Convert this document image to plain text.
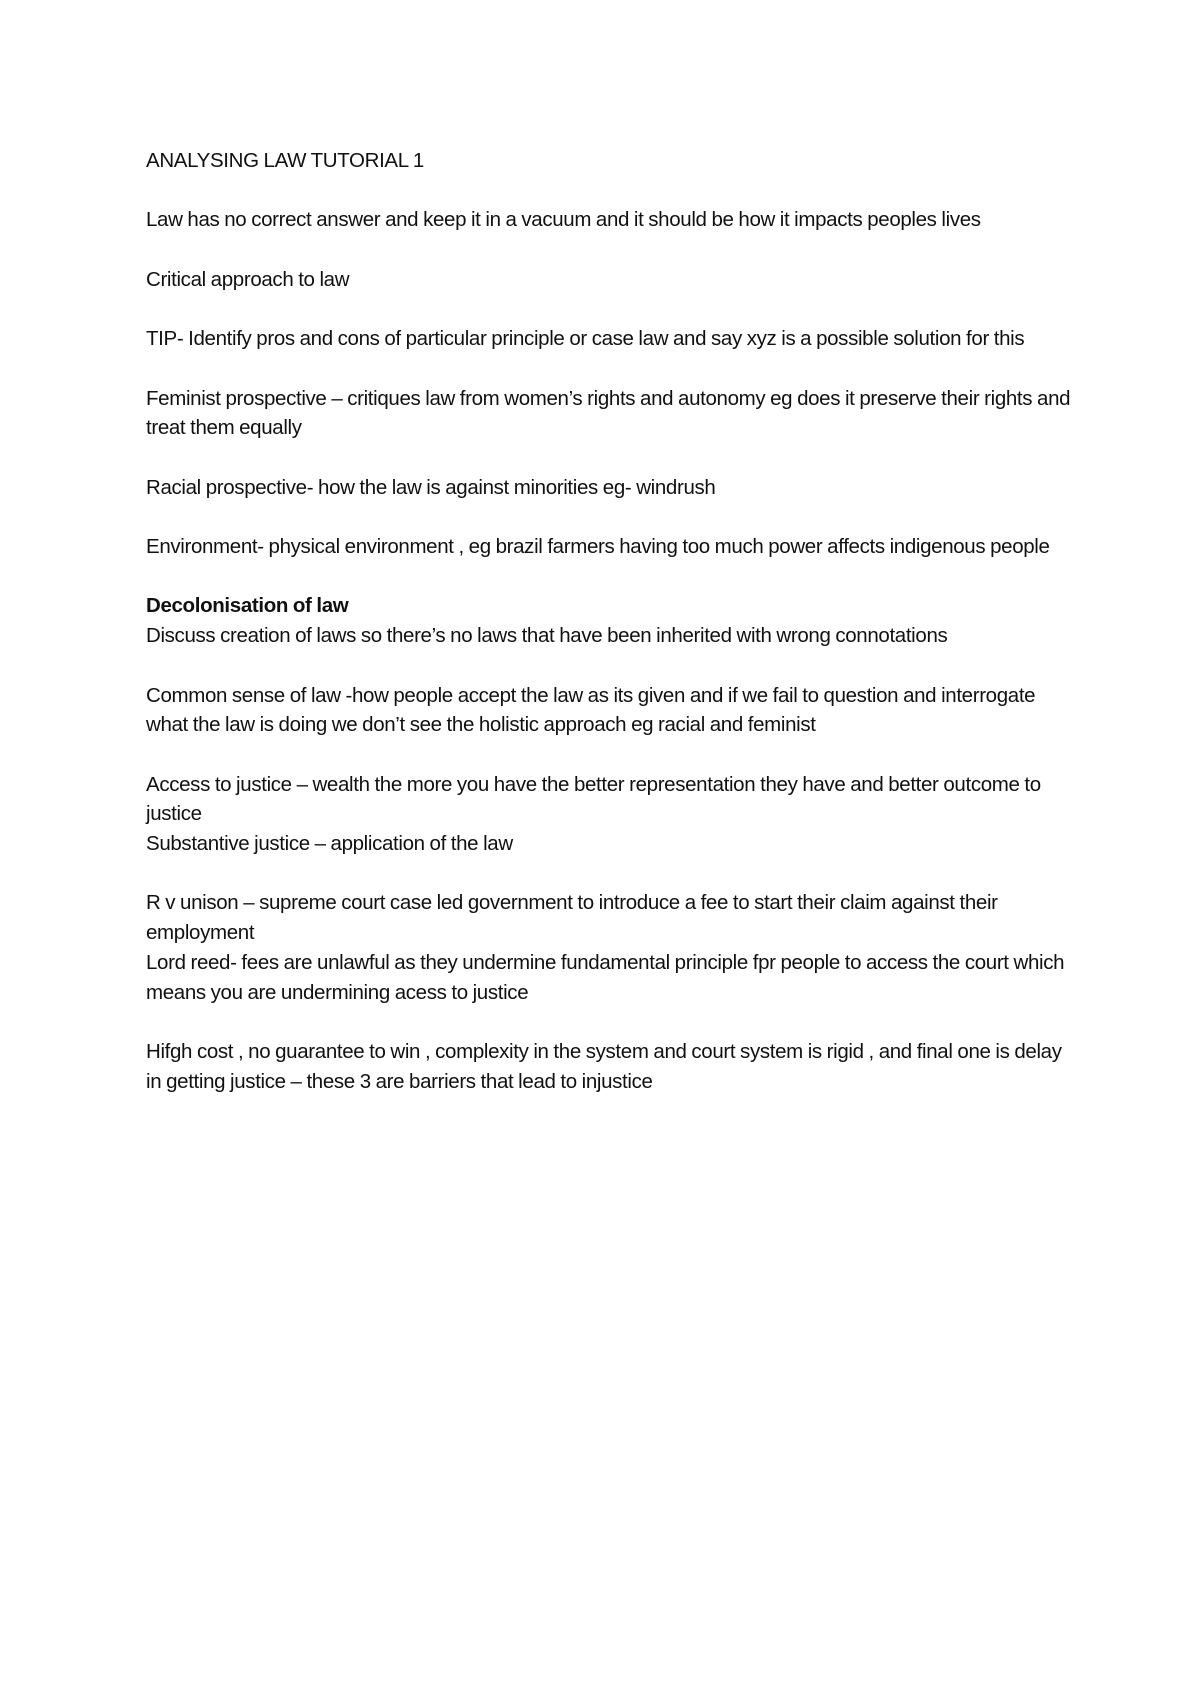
ANALYSING LAW TUTORIAL 1

Law has no correct answer and keep it in a vacuum and it should be how it impacts peoples lives

Critical approach to law

TIP- Identify pros and cons of particular principle or case law and say xyz is a possible solution for this

Feminist prospective – critiques law from women’s rights and autonomy eg does it preserve their rights and treat them equally

Racial prospective- how the law is against minorities eg- windrush

Environment- physical environment , eg brazil farmers having too much power affects indigenous people

Decolonisation of law

Discuss creation of laws so there’s no laws that have been inherited with wrong connotations

Common sense of law -how people accept the law as its given and if we fail to question and interrogate what the law is doing we don’t see the holistic approach eg racial and feminist

Access to justice – wealth the more you have the better representation they have and better outcome to justice

Substantive justice – application of the law

R v unison – supreme court case led government to introduce a fee to start their claim against their employment

Lord reed- fees are unlawful as they undermine fundamental principle fpr people to access the court which means you are undermining acess to justice

Hifgh cost , no guarantee to win , complexity in the system and court system is rigid , and final one is delay in getting justice – these 3 are barriers that lead to injustice
